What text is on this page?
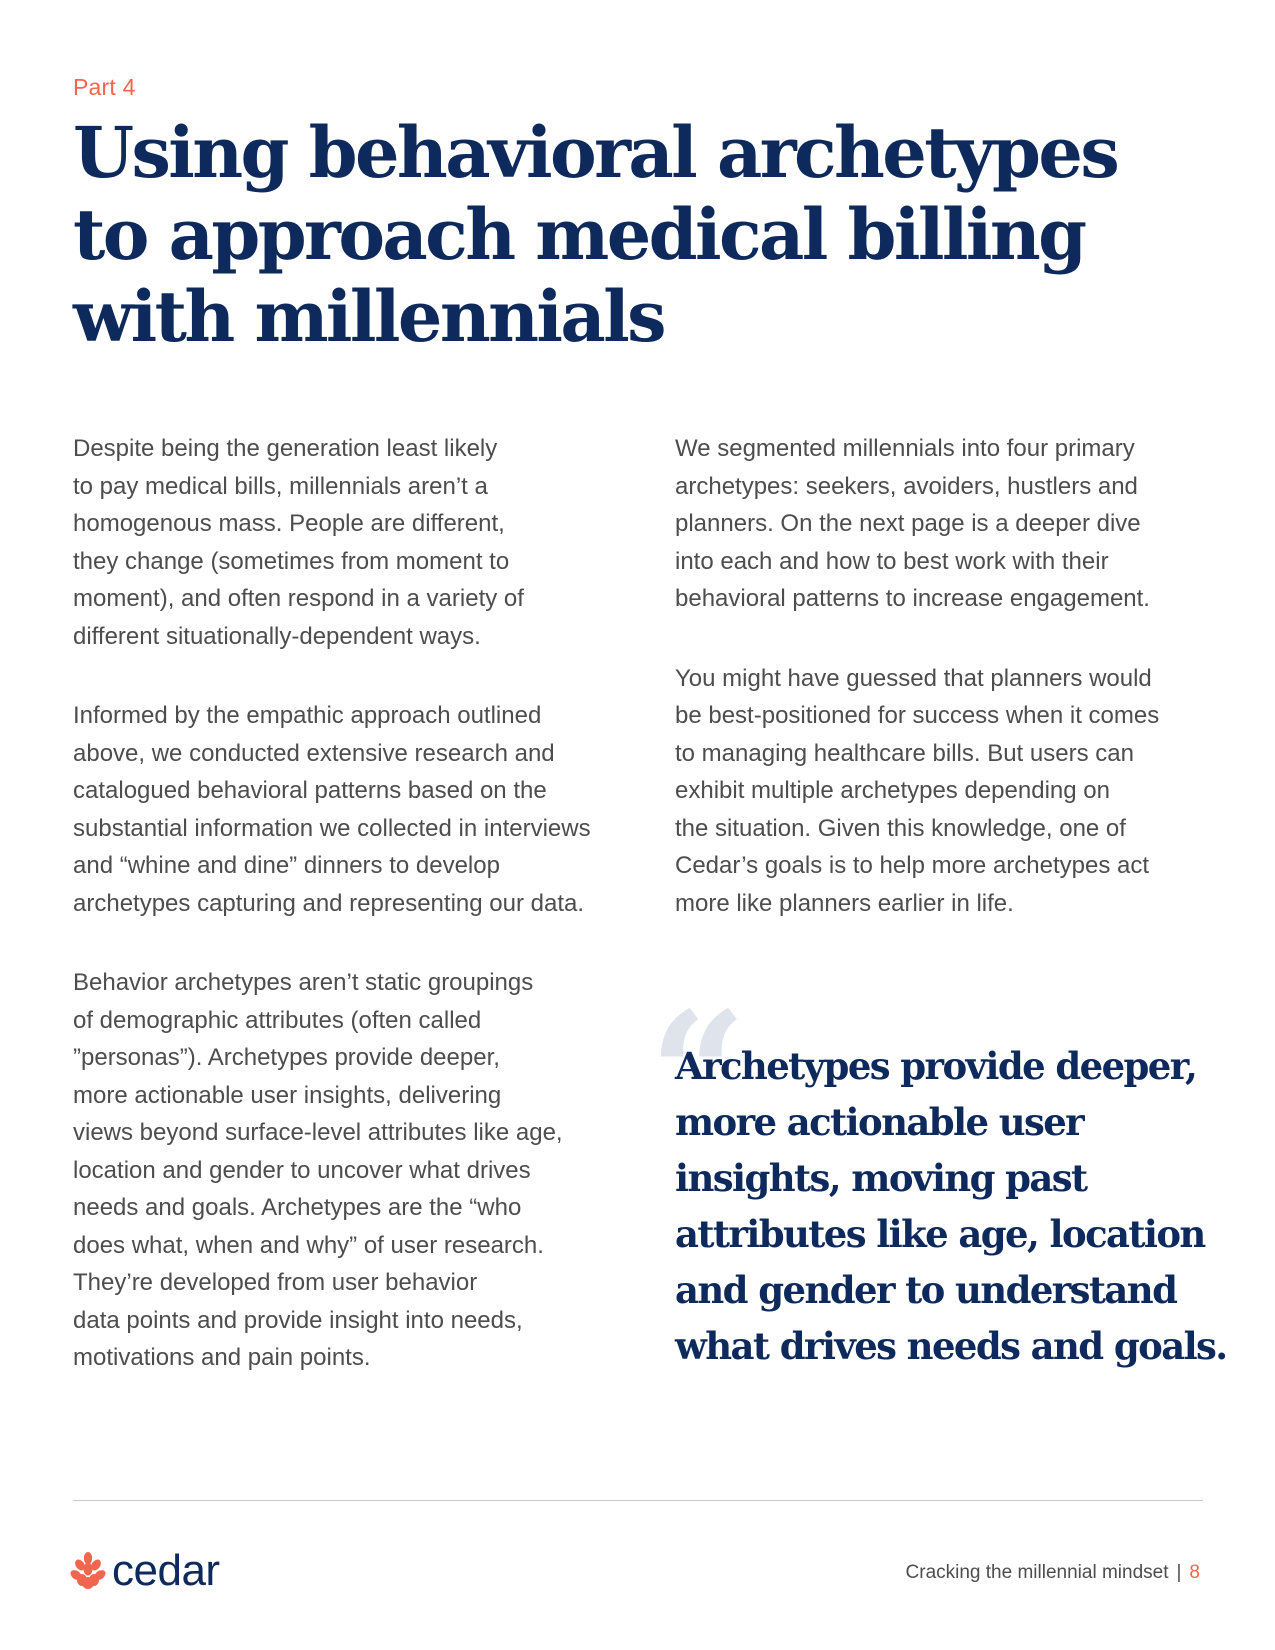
Part 4
Using behavioral archetypes
to approach medical billing
with millennials

Despite being the generation least likely
to pay medical bills, millennials aren’t a
homogenous mass. People are different,
they change (sometimes from moment to
moment), and often respond in a variety of
different situationally-dependent ways.

Informed by the empathic approach outlined
above, we conducted extensive research and
catalogued behavioral patterns based on the
substantial information we collected in interviews
and “whine and dine” dinners to develop
archetypes capturing and representing our data.

Behavior archetypes aren’t static groupings
of demographic attributes (often called
”personas”). Archetypes provide deeper,
more actionable user insights, delivering
views beyond surface-level attributes like age,
location and gender to uncover what drives
needs and goals. Archetypes are the “who
does what, when and why” of user research.
They’re developed from user behavior
data points and provide insight into needs,
motivations and pain points.

We segmented millennials into four primary
archetypes: seekers, avoiders, hustlers and
planners. On the next page is a deeper dive
into each and how to best work with their
behavioral patterns to increase engagement.

You might have guessed that planners would
be best-positioned for success when it comes
to managing healthcare bills. But users can
exhibit multiple archetypes depending on
the situation. Given this knowledge, one of
Cedar’s goals is to help more archetypes act
more like planners earlier in life.

“

Archetypes provide deeper,
more actionable user
insights, moving past
attributes like age, location
and gender to understand
what drives needs and goals.

cedar	Cracking the millennial mindset | 8
